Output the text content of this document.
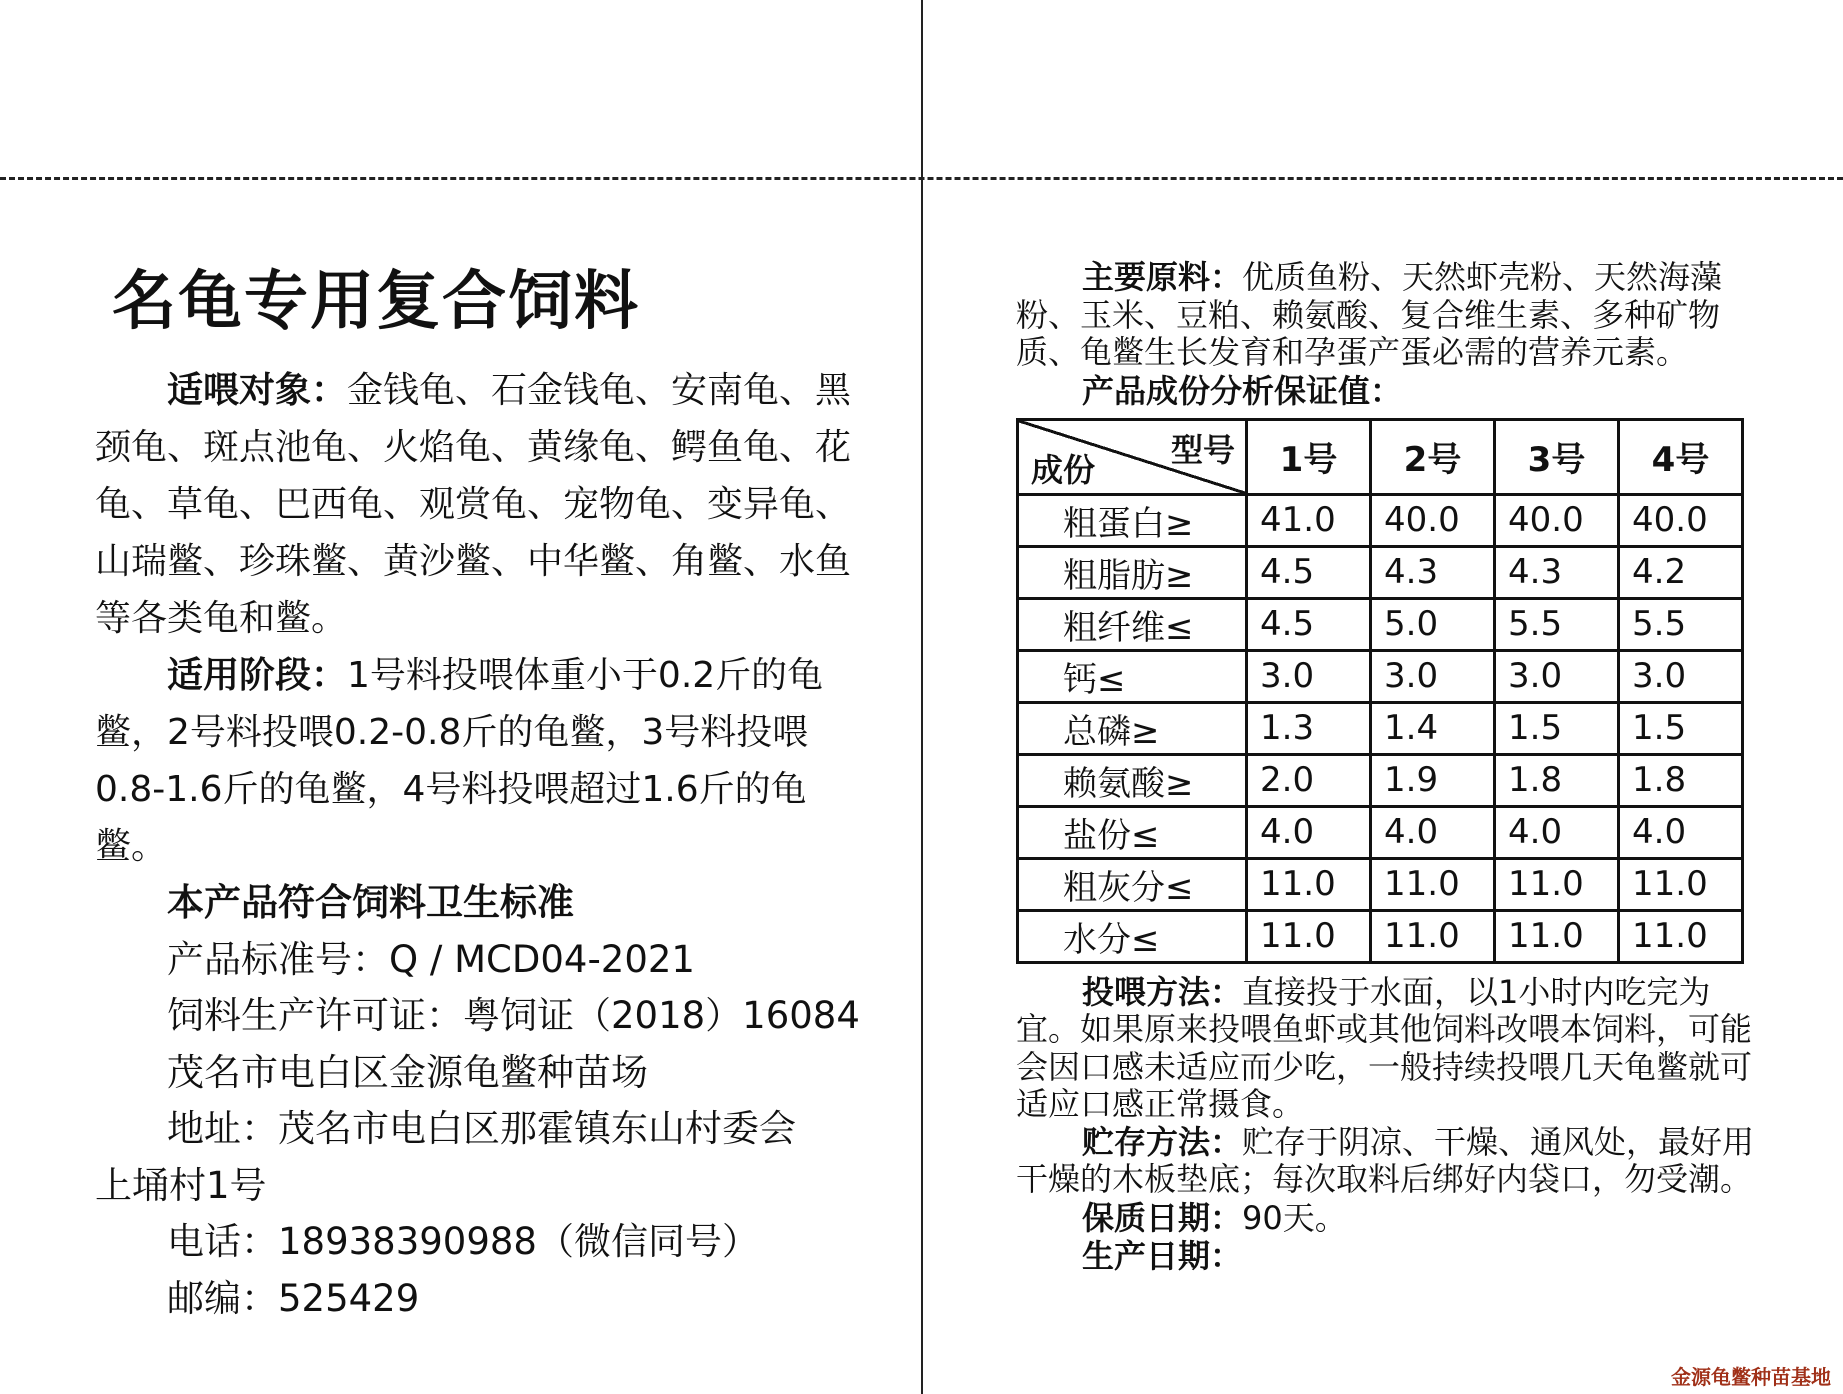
名龟专用复合饲料

适喂对象：金钱龟、石金钱龟、安南龟、黑颈龟、斑点池龟、火焰龟、黄缘龟、鳄鱼龟、花龟、草龟、巴西龟、观赏龟、宠物龟、变异龟、山瑞鳖、珍珠鳖、黄沙鳖、中华鳖、角鳖、水鱼等各类龟和鳖。

适用阶段：1号料投喂体重小于0.2斤的龟鳖，2号料投喂0.2-0.8斤的龟鳖，3号料投喂0.8-1.6斤的龟鳖，4号料投喂超过1.6斤的龟鳖。

本产品符合饲料卫生标准
产品标准号：Q / MCD04-2021
饲料生产许可证：粤饲证（2018）16084
茂名市电白区金源龟鳖种苗场
地址：茂名市电白区那霍镇东山村委会
上埇村1号
电话：18938390988（微信同号）
邮编：525429

主要原料：优质鱼粉、天然虾壳粉、天然海藻粉、玉米、豆粕、赖氨酸、复合维生素、多种矿物质、龟鳖生长发育和孕蛋产蛋必需的营养元素。

产品成份分析保证值：
型号
成份	1号	2号	3号	4号
粗蛋白≥	41.0	40.0	40.0	40.0
粗脂肪≥	4.5	4.3	4.3	4.2
粗纤维≤	4.5	5.0	5.5	5.5
钙≤	3.0	3.0	3.0	3.0
总磷≥	1.3	1.4	1.5	1.5
赖氨酸≥	2.0	1.9	1.8	1.8
盐份≤	4.0	4.0	4.0	4.0
粗灰分≤	11.0	11.0	11.0	11.0
水分≤	11.0	11.0	11.0	11.0

投喂方法：直接投于水面，以1小时内吃完为宜。如果原来投喂鱼虾或其他饲料改喂本饲料，可能会因口感未适应而少吃，一般持续投喂几天龟鳖就可适应口感正常摄食。

贮存方法：贮存于阴凉、干燥、通风处，最好用干燥的木板垫底；每次取料后绑好内袋口，勿受潮。

保质日期：90天。
生产日期：
金源龟鳖种苗基地
